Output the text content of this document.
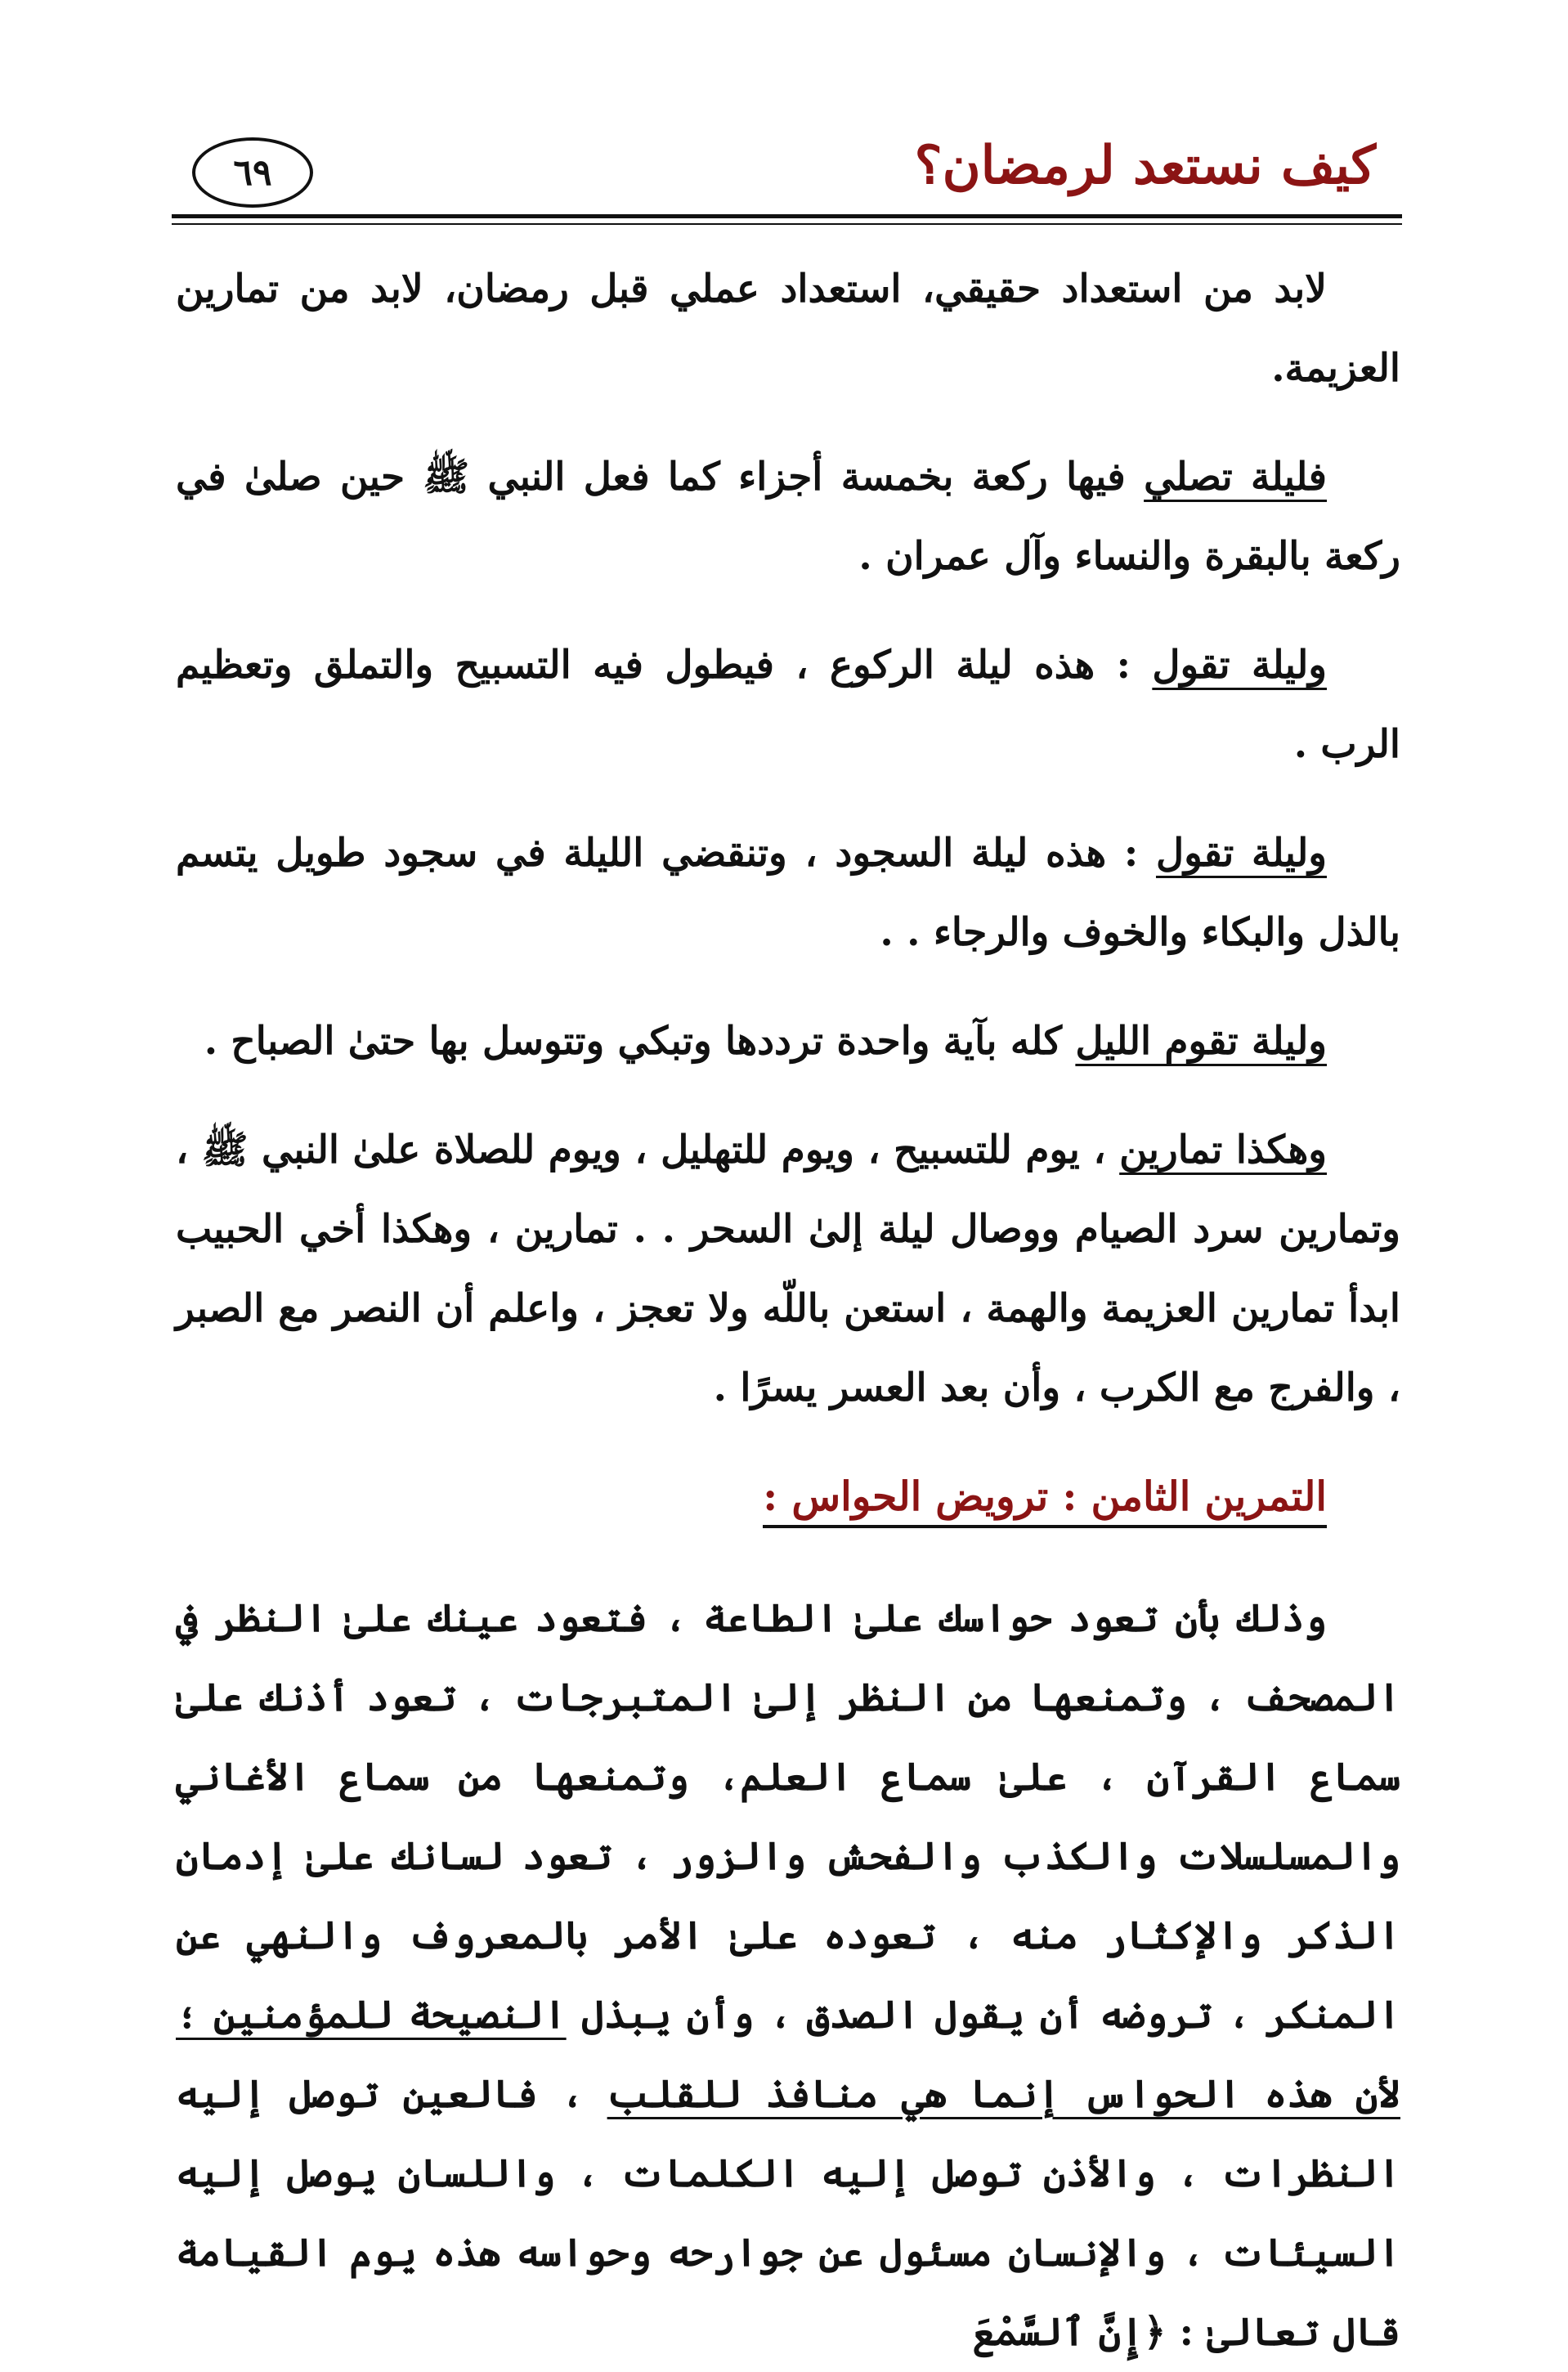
كيف نستعد لرمضان؟
٦٩

لابد من استعداد حقيقي، استعداد عملي قبل رمضان، لابد من تمارين العزيمة.

فليلة تصلي فيها ركعة بخمسة أجزاء كما فعل النبي ﷺ حين صلىٰ في ركعة بالبقرة والنساء وآل عمران .

وليلة تقول : هذه ليلة الركوع ، فيطول فيه التسبيح والتملق وتعظيم الرب .

وليلة تقول : هذه ليلة السجود ، وتنقضي الليلة في سجود طويل يتسم بالذل والبكاء والخوف والرجاء . .

وليلة تقوم الليل كله بآية واحدة ترددها وتبكي وتتوسل بها حتىٰ الصباح .

وهكذا تمارين ، يوم للتسبيح ، ويوم للتهليل ، ويوم للصلاة علىٰ النبي ﷺ ، وتمارين سرد الصيام ووصال ليلة إلىٰ السحر . . تمارين ، وهكذا أخي الحبيب ابدأ تمارين العزيمة والهمة ، استعن باللّه ولا تعجز ، واعلم أن النصر مع الصبر ، والفرج مع الكرب ، وأن بعد العسر يسرًا .

التمرين الثامن : ترويض الحواس :

وذلك بأن تعود حواسك علىٰ الطاعة ، فتعود عينك علىٰ النظر في المصحف ، وتمنعها من النظر إلىٰ المتبرجات ، تعود أذنك علىٰ سماع القرآن ، علىٰ سماع العلم، وتمنعها من سماع الأغاني والمسلسلات والكذب والفحش والزور ، تعود لسانك علىٰ إدمان الذكر والإكثار منه ، تعوده علىٰ الأمر بالمعروف والنهي عن المنكر ، تروضه أن يقول الصدق ، وأن يبذل النصيحة للمؤمنين ؛ لأن هذه الحواس إنما هي منافذ للقلب ، فالعين توصل إليه النظرات ، والأذن توصل إليه الكلمات ، واللسان يوصل إليه السيئات ، والإنسان مسئول عن جوارحه وحواسه هذه يوم القيامة قال تعالىٰ : ﴿إِنَّ ٱلسَّمْعَ
